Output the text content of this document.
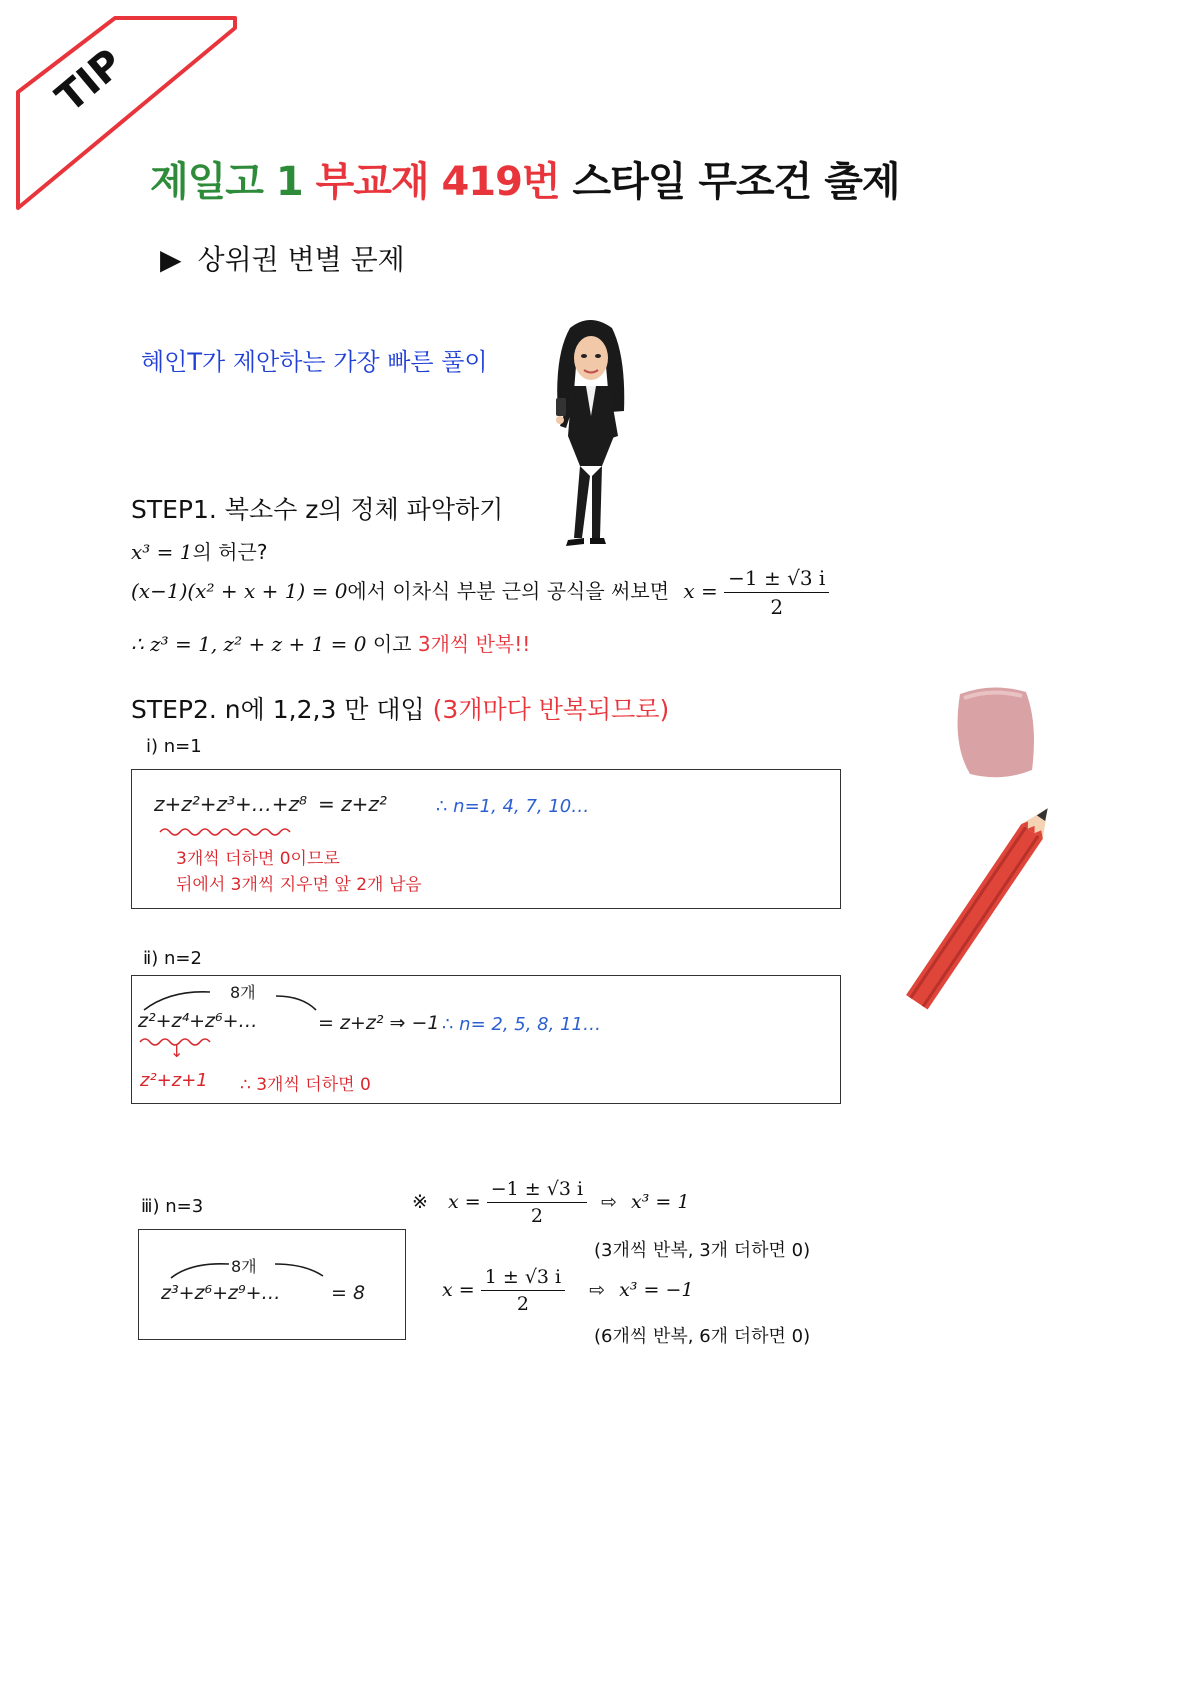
TIP
제일고 1 부교재 419번 스타일 무조건 출제
▶ 상위권 변별 문제
혜인T가 제안하는 가장 빠른 풀이
STEP1. 복소수 z의 정체 파악하기
x³ = 1의 허근?
(x−1)(x² + x + 1) = 0에서 이차식 부분 근의 공식을 써보면 $x = \frac{-1 \pm √3 i}{2}$
∴ z³ = 1, z² + z + 1 = 0 이고 3개씩 반복!!
STEP2. n에 1,2,3 만 대입 (3개마다 반복되므로)
ⅰ) n=1
z+z²+z³+…+z⁸ = z+z²	∴ n=1, 4, 7, 10…
3개씩 더하면 0이므로
뒤에서 3개씩 지우면 앞 2개 남음
ⅱ) n=2
8개
z²+z⁴+z⁶+…	= z+z² ⇒ −1 ∴ n= 2, 5, 8, 11…
↓
z²+z+1 ∴ 3개씩 더하면 0
ⅲ) n=3
8개
z³+z⁶+z⁹+…	= 8
※ $x = \frac{-1 \pm √3 i}{2}$ ⇨ x³ = 1
(3개씩 반복, 3개 더하면 0)
$x = \frac{1 \pm √3 i}{2}$ ⇨ x³ = −1
(6개씩 반복, 6개 더하면 0)
